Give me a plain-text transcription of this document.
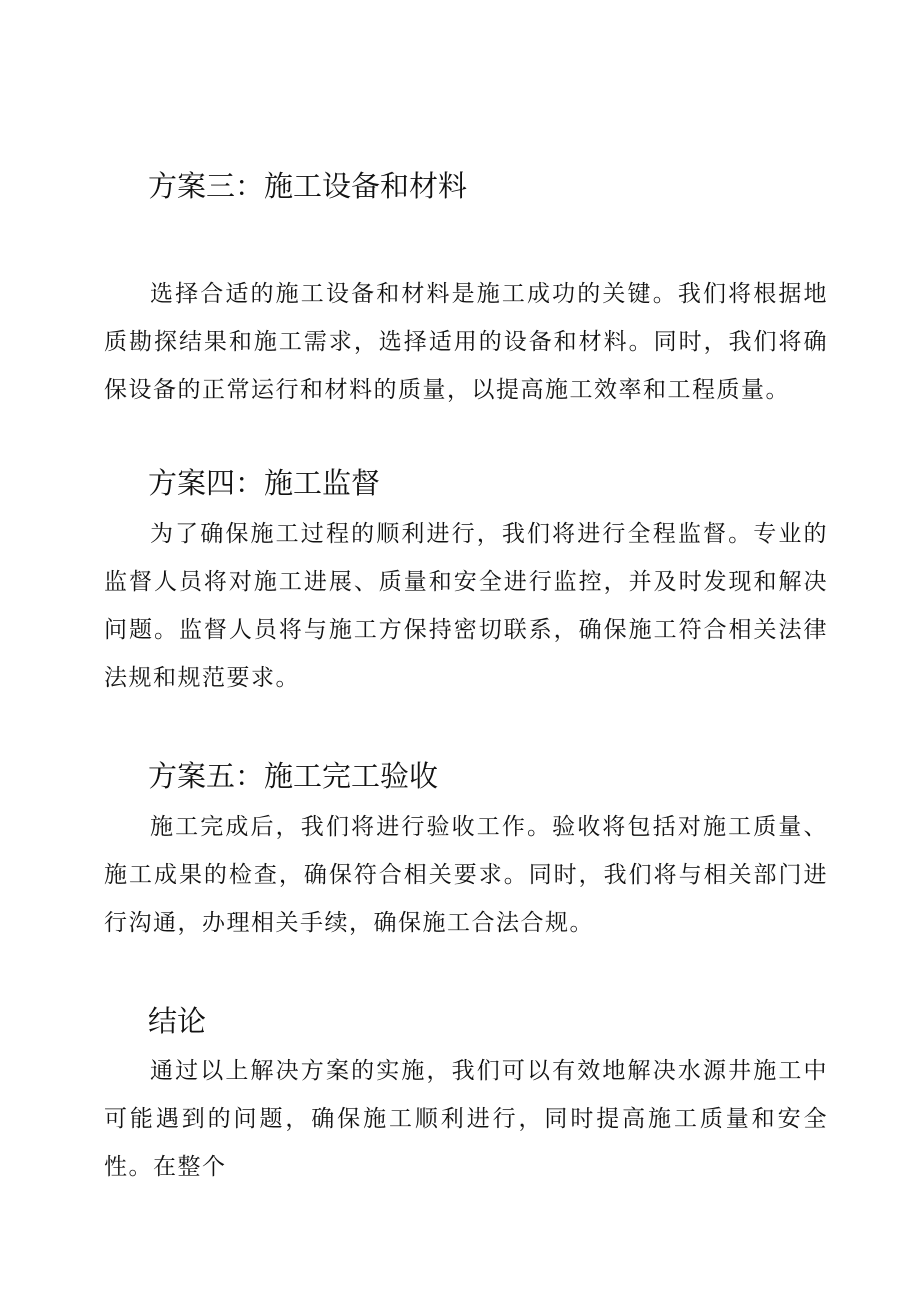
方案三：施工设备和材料

选择合适的施工设备和材料是施工成功的关键。我们将根据地质勘探结果和施工需求，选择适用的设备和材料。同时，我们将确保设备的正常运行和材料的质量，以提高施工效率和工程质量。

方案四：施工监督

为了确保施工过程的顺利进行，我们将进行全程监督。专业的监督人员将对施工进展、质量和安全进行监控，并及时发现和解决问题。监督人员将与施工方保持密切联系，确保施工符合相关法律法规和规范要求。

方案五：施工完工验收

施工完成后，我们将进行验收工作。验收将包括对施工质量、施工成果的检查，确保符合相关要求。同时，我们将与相关部门进行沟通，办理相关手续，确保施工合法合规。

结论

通过以上解决方案的实施，我们可以有效地解决水源井施工中可能遇到的问题，确保施工顺利进行，同时提高施工质量和安全性。在整个
